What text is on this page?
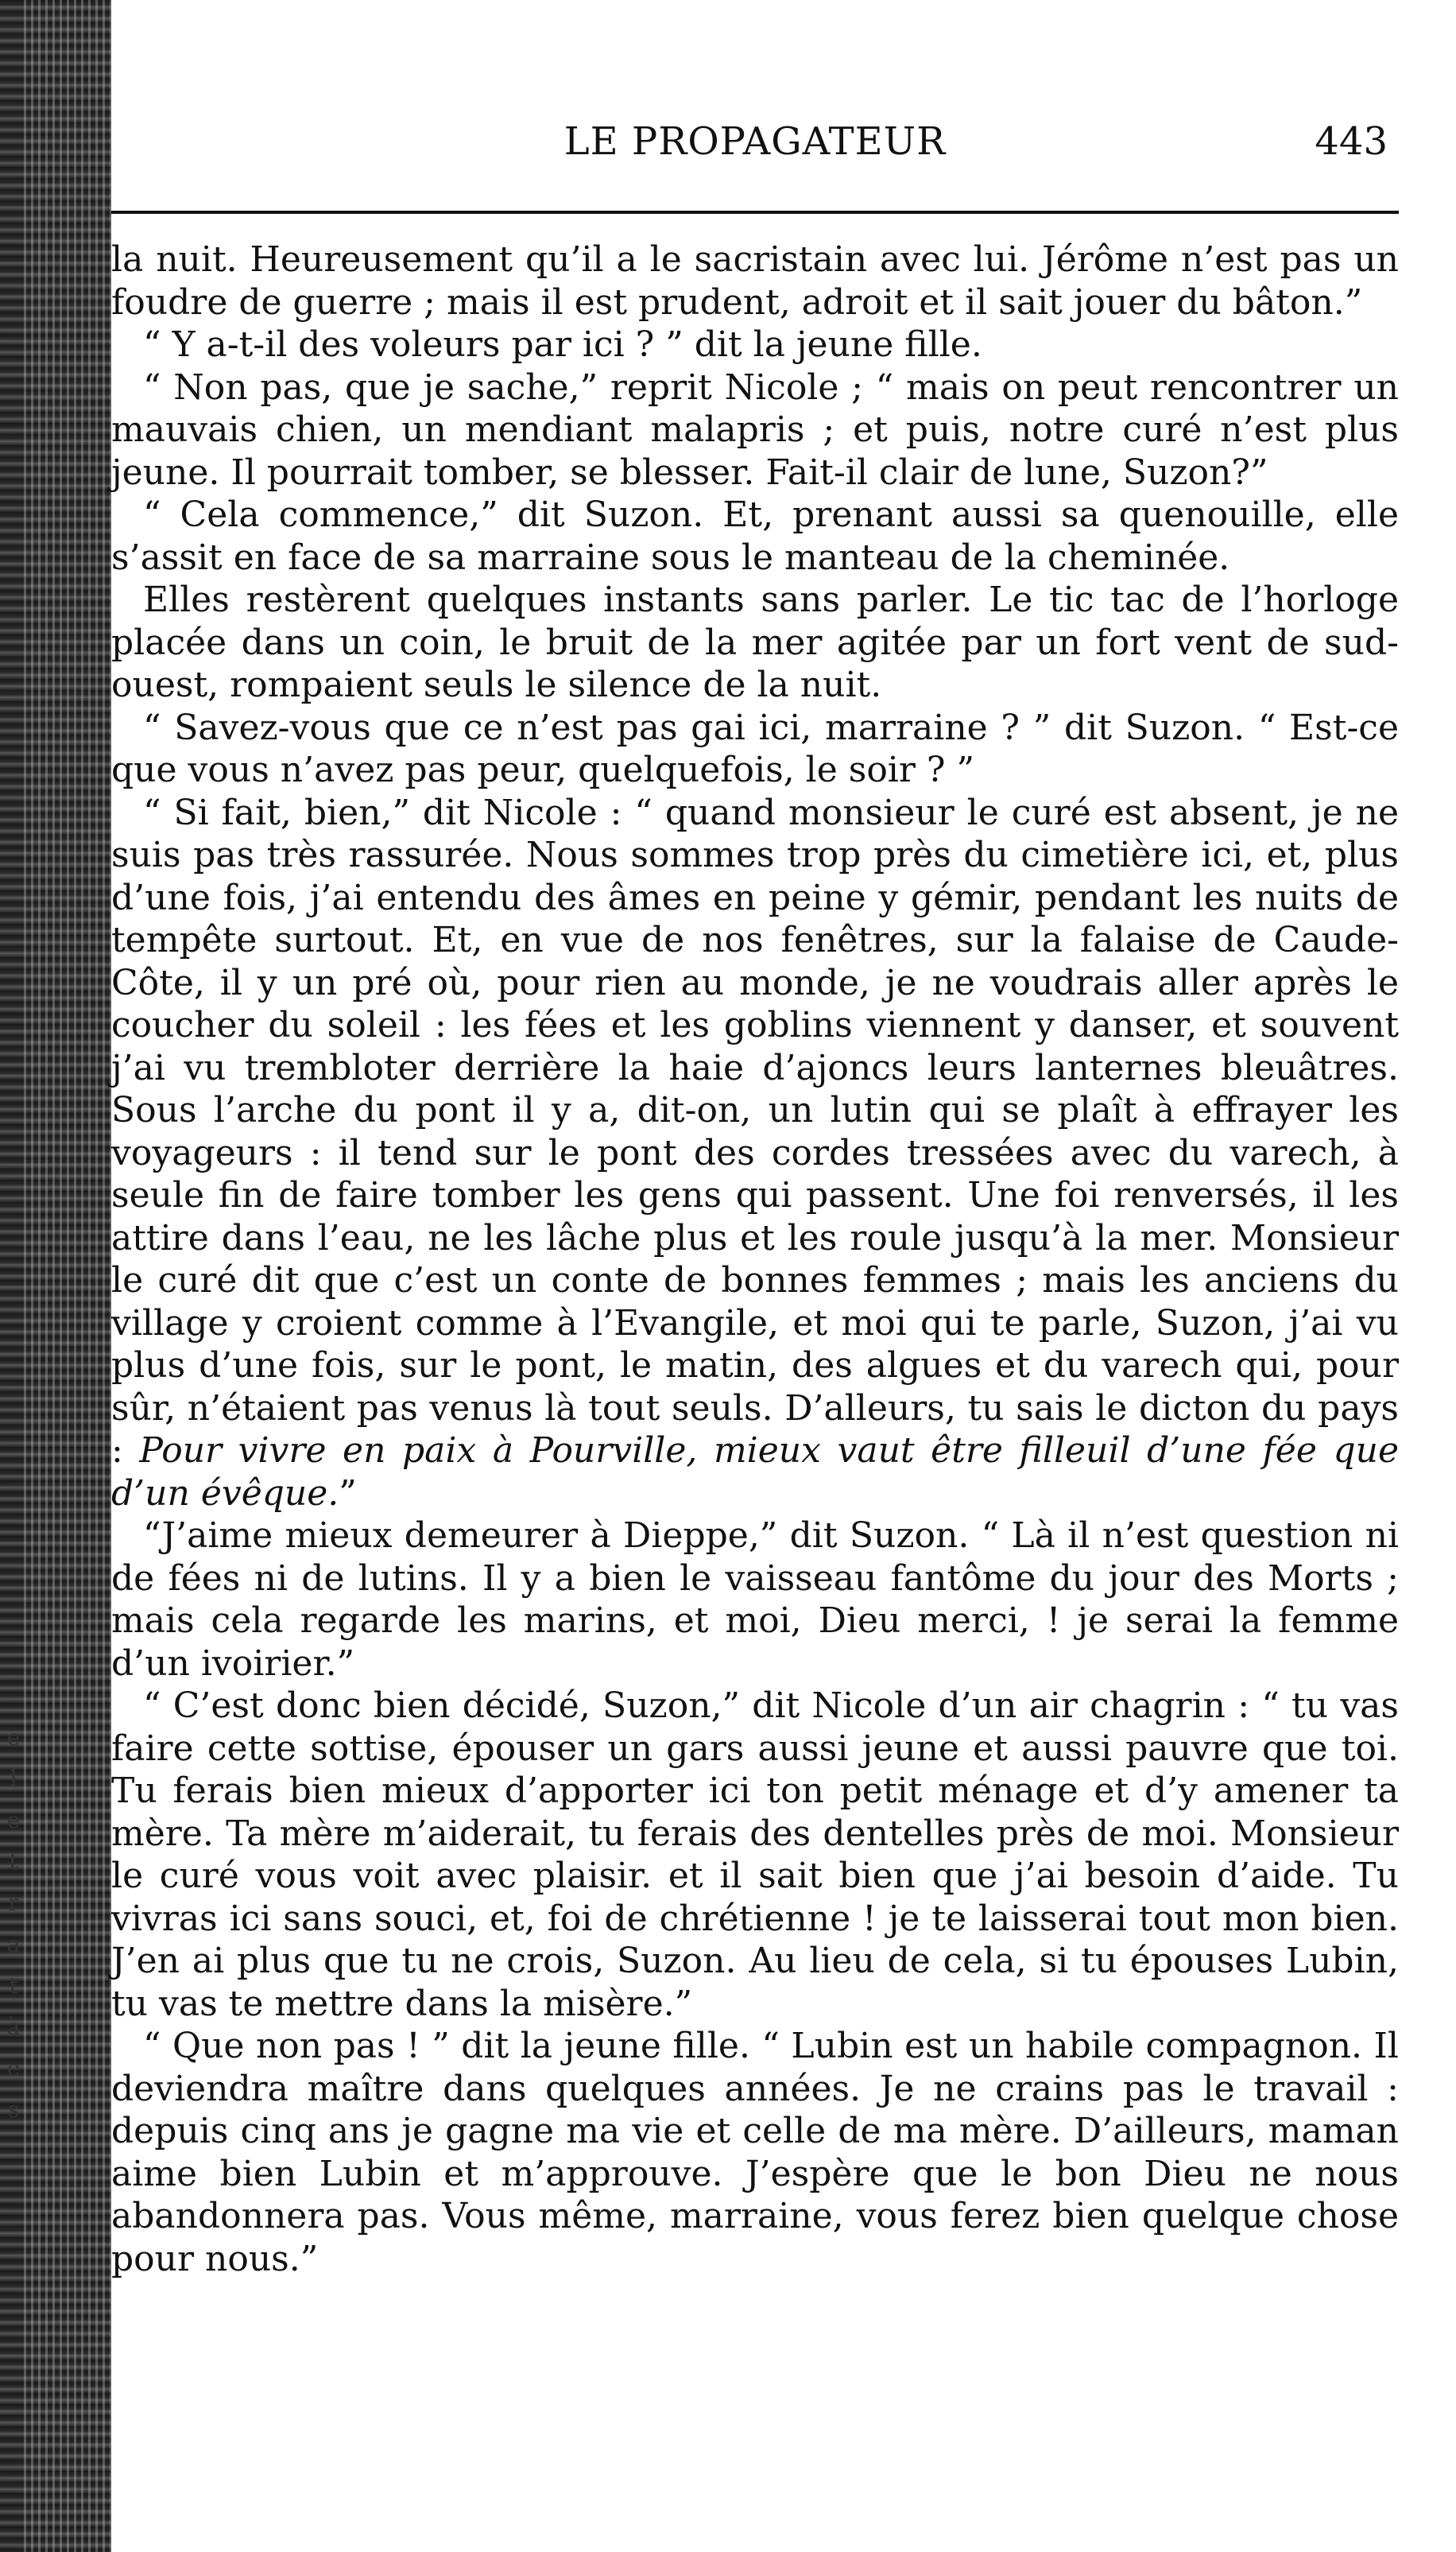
e
l
e
t
r
a
t
à
e
s
LE PROPAGATEUR	443

la nuit. Heureusement qu’il a le sacristain avec lui. Jérôme n’est pas un foudre de guerre ; mais il est prudent, adroit et il sait jouer du bâton.”

“ Y a-t-il des voleurs par ici ? ” dit la jeune fille.

“ Non pas, que je sache,” reprit Nicole ; “ mais on peut rencontrer un mauvais chien, un mendiant malapris ; et puis, notre curé n’est plus jeune. Il pourrait tomber, se blesser. Fait-il clair de lune, Suzon?”

“ Cela commence,” dit Suzon. Et, prenant aussi sa quenouille, elle s’assit en face de sa marraine sous le manteau de la cheminée.

Elles restèrent quelques instants sans parler. Le tic tac de l’horloge placée dans un coin, le bruit de la mer agitée par un fort vent de sud-ouest, rompaient seuls le silence de la nuit.

“ Savez-vous que ce n’est pas gai ici, marraine ? ” dit Suzon. “ Est-ce que vous n’avez pas peur, quelquefois, le soir ? ”

“ Si fait, bien,” dit Nicole : “ quand monsieur le curé est absent, je ne suis pas très rassurée. Nous sommes trop près du cimetière ici, et, plus d’une fois, j’ai entendu des âmes en peine y gémir, pendant les nuits de tempête surtout. Et, en vue de nos fenêtres, sur la falaise de Caude-Côte, il y un pré où, pour rien au monde, je ne voudrais aller après le coucher du soleil : les fées et les goblins viennent y danser, et souvent j’ai vu trembloter derrière la haie d’ajoncs leurs lanternes bleuâtres. Sous l’arche du pont il y a, dit-on, un lutin qui se plaît à effrayer les voyageurs : il tend sur le pont des cordes tressées avec du varech, à seule fin de faire tomber les gens qui passent. Une foi renversés, il les attire dans l’eau, ne les lâche plus et les roule jusqu’à la mer. Monsieur le curé dit que c’est un conte de bonnes femmes ; mais les anciens du village y croient comme à l’Evangile, et moi qui te parle, Suzon, j’ai vu plus d’une fois, sur le pont, le matin, des algues et du varech qui, pour sûr, n’étaient pas venus là tout seuls. D’alleurs, tu sais le dicton du pays : Pour vivre en paix à Pourville, mieux vaut être filleuil d’une fée que d’un évêque.”

“J’aime mieux demeurer à Dieppe,” dit Suzon. “ Là il n’est question ni de fées ni de lutins. Il y a bien le vaisseau fantôme du jour des Morts ; mais cela regarde les marins, et moi, Dieu merci, ! je serai la femme d’un ivoirier.”

“ C’est donc bien décidé, Suzon,” dit Nicole d’un air chagrin : “ tu vas faire cette sottise, épouser un gars aussi jeune et aussi pauvre que toi. Tu ferais bien mieux d’apporter ici ton petit ménage et d’y amener ta mère. Ta mère m’aiderait, tu ferais des dentelles près de moi. Monsieur le curé vous voit avec plaisir. et il sait bien que j’ai besoin d’aide. Tu vivras ici sans souci, et, foi de chrétienne ! je te laisserai tout mon bien. J’en ai plus que tu ne crois, Suzon. Au lieu de cela, si tu épouses Lubin, tu vas te mettre dans la misère.”

“ Que non pas ! ” dit la jeune fille. “ Lubin est un habile compagnon. Il deviendra maître dans quelques années. Je ne crains pas le travail : depuis cinq ans je gagne ma vie et celle de ma mère. D’ailleurs, maman aime bien Lubin et m’approuve. J’espère que le bon Dieu ne nous abandonnera pas. Vous même, marraine, vous ferez bien quelque chose pour nous.”
